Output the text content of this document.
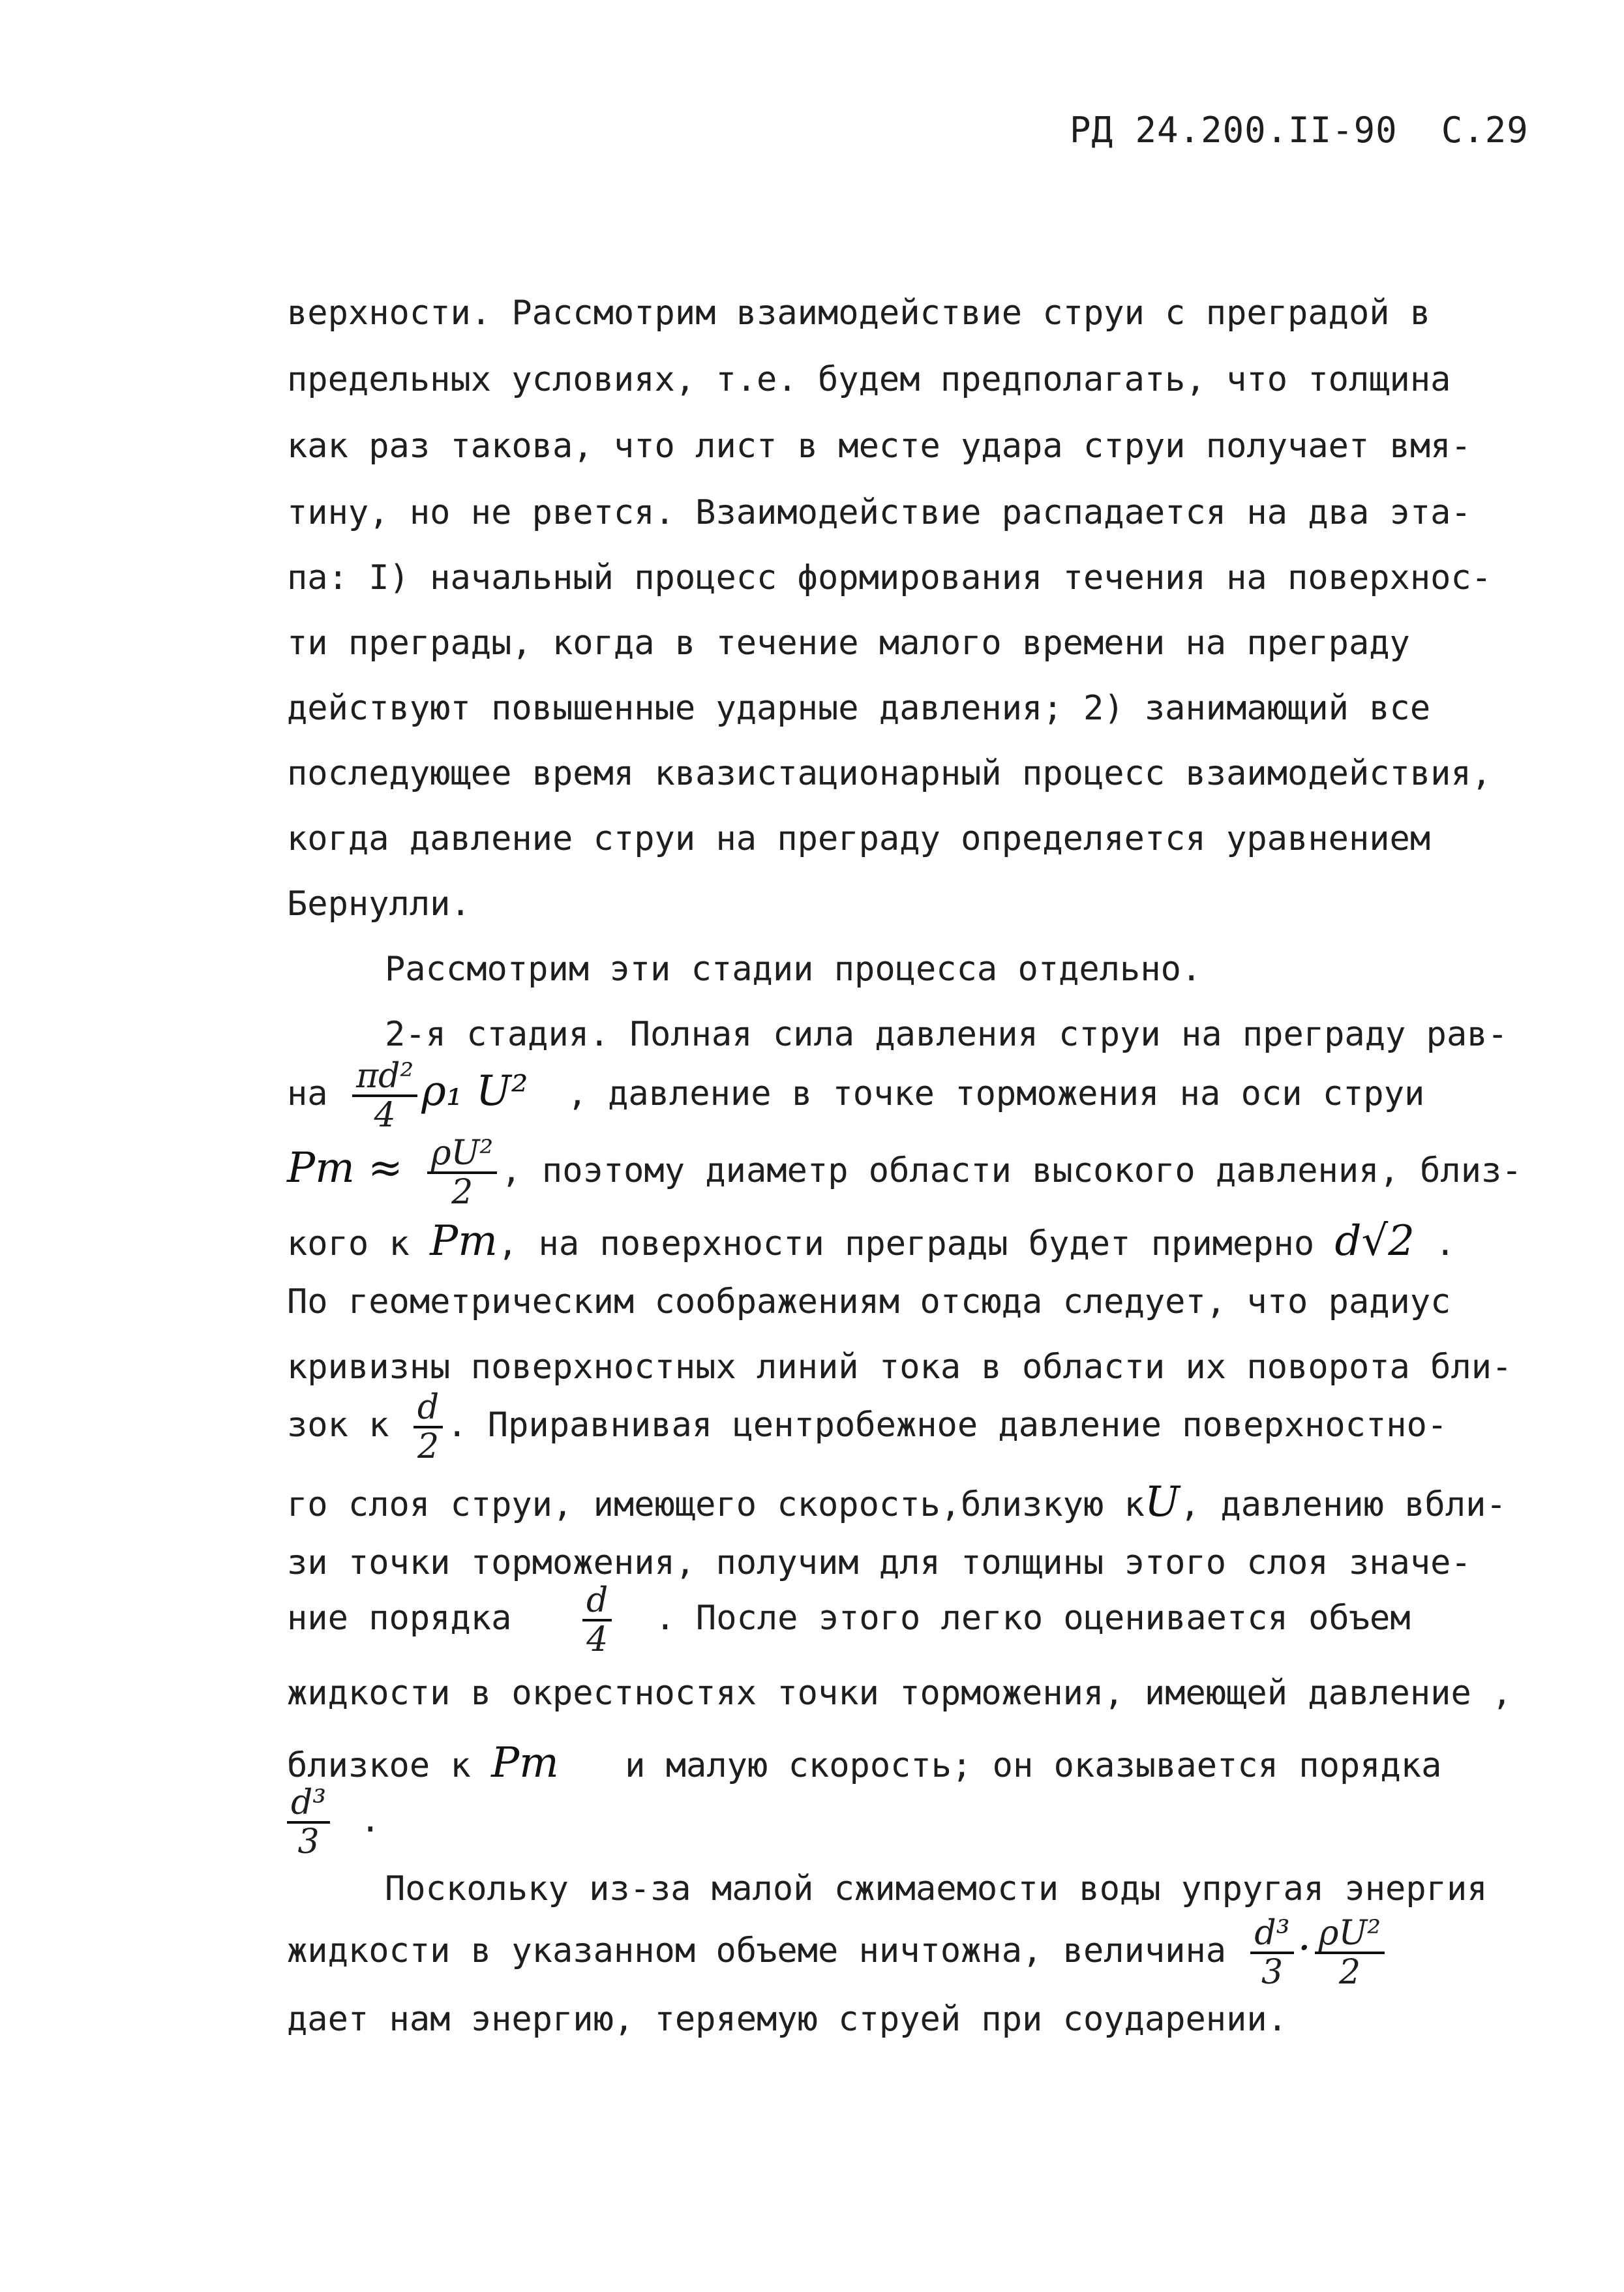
РД 24.200.II-90 С.29
верхности. Рассмотрим взаимодействие струи с преградой в
предельных условиях, т.е. будем предполагать, что толщина
как раз такова, что лист в месте удара струи получает вмя-
тину, но не рвется. Взаимодействие распадается на два эта-
па: I) начальный процесс формирования течения на поверхнос-
ти преграды, когда в течение малого времени на преграду
действуют повышенные ударные давления; 2) занимающий все
последующее время квазистационарный процесс взаимодействия,
когда давление струи на преграду определяется уравнением
Бернулли.
Рассмотрим эти стадии процесса отдельно.
2-я стадия. Полная сила давления струи на преграду рав-
на $\frac{\text{πd²}}{4} \rho_1$ U² , давление в точке торможения на оси струи
Pт ≈ $\frac{\text{ρU²}}{2}$ , поэтому диаметр области высокого давления, близ-
кого к Pт, на поверхности преграды будет примерно d√2 .
По геометрическим соображениям отсюда следует, что радиус
кривизны поверхностных линий тока в области их поворота бли-
зок к $\frac{d}{2}$ . Приравнивая центробежное давление поверхностно-
го слоя струи, имеющего скорость,близкую кU, давлению вбли-
зи точки торможения, получим для толщины этого слоя значе-
ние порядка $\frac{d}{4}$ . После этого легко оценивается объем
жидкости в окрестностях точки торможения, имеющей давление ,
близкое к Pт и малую скорость; он оказывается порядка
$\frac{\text{d³}}{3}$ .
Поскольку из-за малой сжимаемости воды упругая энергия
жидкости в указанном объеме ничтожна, величина $\frac{\text{d³}}{3} \cdot \frac{\text{ρU²}}{2}$
дает нам энергию, теряемую струей при соударении.
